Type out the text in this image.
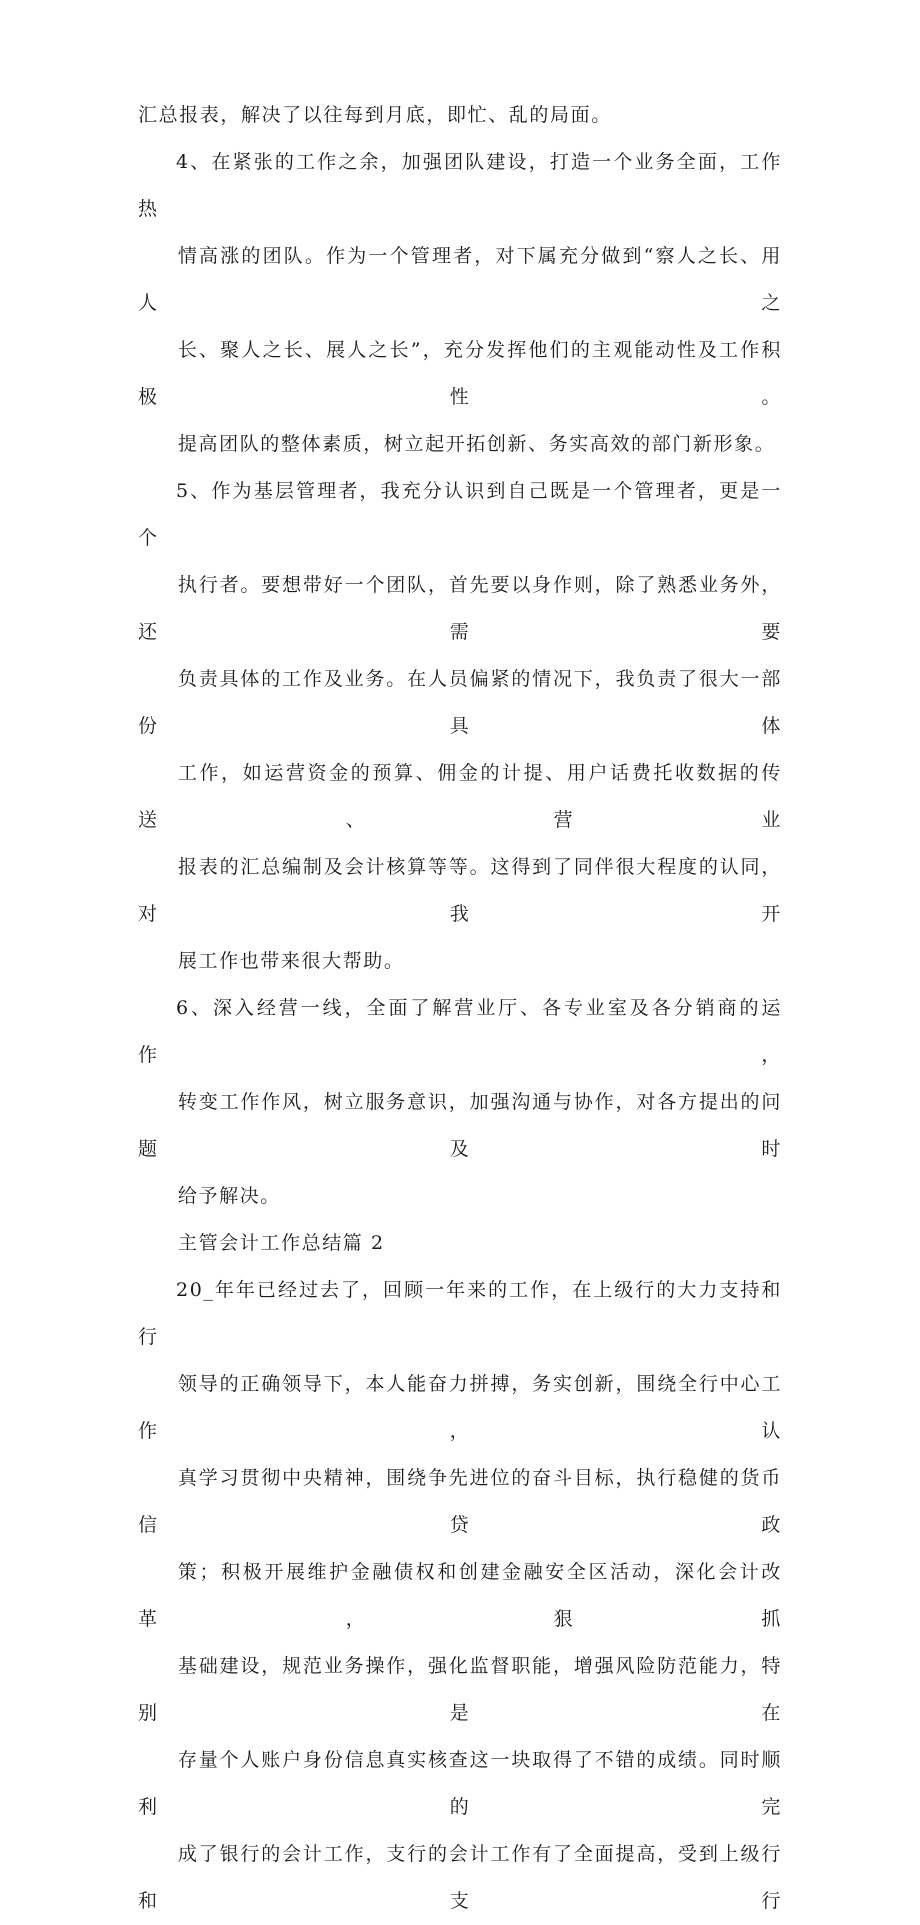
汇总报表，解决了以往每到月底，即忙、乱的局面。
4、在紧张的工作之余，加强团队建设，打造一个业务全面，工作热
情高涨的团队。作为一个管理者，对下属充分做到“察人之长、用人之
长、聚人之长、展人之长”，充分发挥他们的主观能动性及工作积极性。
提高团队的整体素质，树立起开拓创新、务实高效的部门新形象。
5、作为基层管理者，我充分认识到自己既是一个管理者，更是一个
执行者。要想带好一个团队，首先要以身作则，除了熟悉业务外，还需要
负责具体的工作及业务。在人员偏紧的情况下，我负责了很大一部份具体
工作，如运营资金的预算、佣金的计提、用户话费托收数据的传送、营业
报表的汇总编制及会计核算等等。这得到了同伴很大程度的认同，对我开
展工作也带来很大帮助。
6、深入经营一线，全面了解营业厅、各专业室及各分销商的运作，
转变工作作风，树立服务意识，加强沟通与协作，对各方提出的问题及时
给予解决。
主管会计工作总结篇 2
20_年年已经过去了，回顾一年来的工作，在上级行的大力支持和行
领导的正确领导下，本人能奋力拼搏，务实创新，围绕全行中心工作，认
真学习贯彻中央精神，围绕争先进位的奋斗目标，执行稳健的货币信贷政
策；积极开展维护金融债权和创建金融安全区活动，深化会计改革，狠抓
基础建设，规范业务操作，强化监督职能，增强风险防范能力，特别是在
存量个人账户身份信息真实核查这一块取得了不错的成绩。同时顺利的完
成了银行的会计工作，支行的会计工作有了全面提高，受到上级行和支行
